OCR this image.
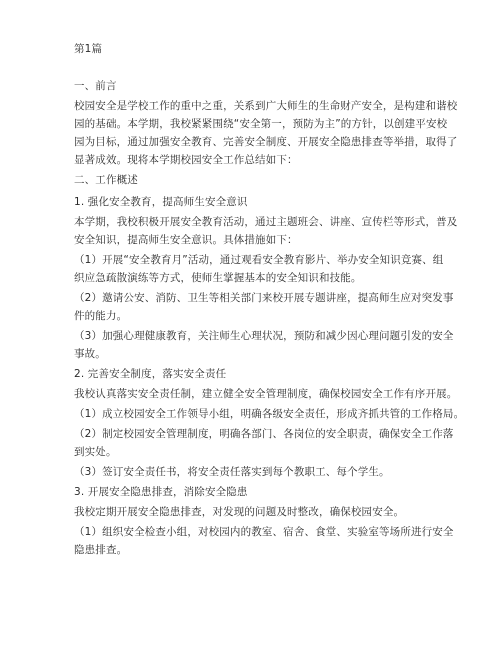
第1篇
一、前言
校园安全是学校工作的重中之重，关系到广大师生的生命财产安全，是构建和谐校
园的基础。本学期，我校紧紧围绕“安全第一，预防为主”的方针，以创建平安校
园为目标，通过加强安全教育、完善安全制度、开展安全隐患排查等举措，取得了
显著成效。现将本学期校园安全工作总结如下：
二、工作概述
1. 强化安全教育，提高师生安全意识
本学期，我校积极开展安全教育活动，通过主题班会、讲座、宣传栏等形式，普及
安全知识，提高师生安全意识。具体措施如下：
（1）开展“安全教育月”活动，通过观看安全教育影片、举办安全知识竞赛、组
织应急疏散演练等方式，使师生掌握基本的安全知识和技能。
（2）邀请公安、消防、卫生等相关部门来校开展专题讲座，提高师生应对突发事
件的能力。
（3）加强心理健康教育，关注师生心理状况，预防和减少因心理问题引发的安全
事故。
2. 完善安全制度，落实安全责任
我校认真落实安全责任制，建立健全安全管理制度，确保校园安全工作有序开展。
（1）成立校园安全工作领导小组，明确各级安全责任，形成齐抓共管的工作格局。
（2）制定校园安全管理制度，明确各部门、各岗位的安全职责，确保安全工作落
到实处。
（3）签订安全责任书，将安全责任落实到每个教职工、每个学生。
3. 开展安全隐患排查，消除安全隐患
我校定期开展安全隐患排查，对发现的问题及时整改，确保校园安全。
（1）组织安全检查小组，对校园内的教室、宿舍、食堂、实验室等场所进行安全
隐患排查。
